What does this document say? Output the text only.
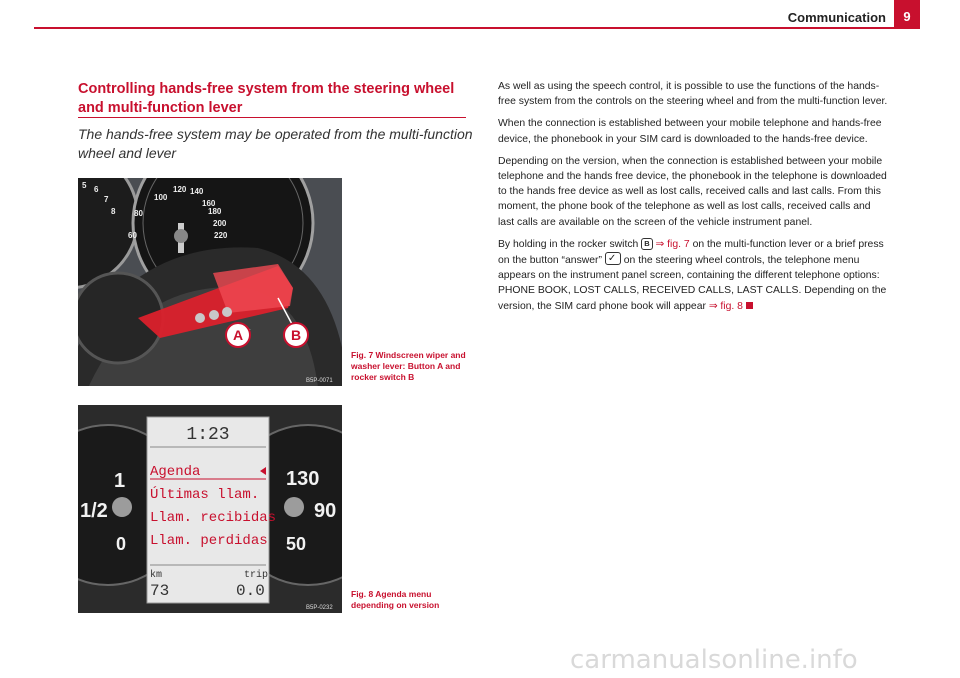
Communication	9
Controlling hands-free system from the steering wheel and multi-function lever
The hands-free system may be operated from the multi-function wheel and lever
100
120 140
160
180
200
220
80
60
5 6
7
8
A	B
B5P-0071
Fig. 7 Windscreen wiper and washer lever: Button A and rocker switch B
1
1/2
0
130
90
50
1:23
Agenda
Últimas llam.
Llam. recibidas
Llam. perdidas
km
73
trip
0.0
B5P-0232
Fig. 8 Agenda menu depending on version

As well as using the speech control, it is possible to use the functions of the hands-free system from the controls on the steering wheel and from the multi-function lever.

When the connection is established between your mobile telephone and hands-free device, the phonebook in your SIM card is downloaded to the hands-free device.

Depending on the version, when the connection is established between your mobile telephone and the hands free device, the phonebook in the telephone is downloaded to the hands free device as well as lost calls, received calls and last calls. From this moment, the phone book of the telephone as well as lost calls, received calls and last calls are available on the screen of the vehicle instrument panel.

By holding in the rocker switch B ⇒ fig. 7 on the multi-function lever or a brief press on the button “answer” ✓ on the steering wheel controls, the telephone menu appears on the instrument panel screen, containing the different telephone options: PHONE BOOK, LOST CALLS, RECEIVED CALLS, LAST CALLS. Depending on the version, the SIM card phone book will appear ⇒ fig. 8

carmanualsonline.info
